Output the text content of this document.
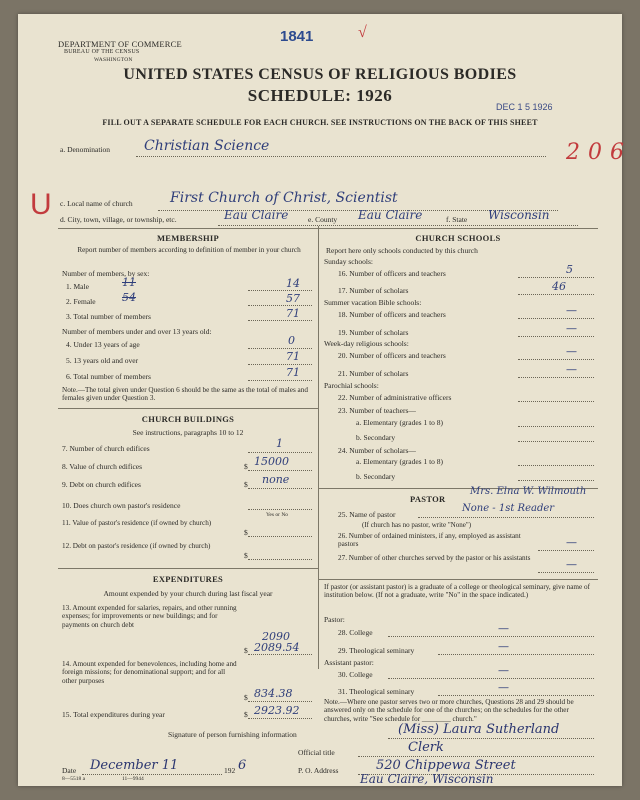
DEPARTMENT OF COMMERCE
BUREAU OF THE CENSUS
WASHINGTON
1841	√
UNITED STATES CENSUS OF RELIGIOUS BODIES
SCHEDULE: 1926
DEC 1 5 1926
FILL OUT A SEPARATE SCHEDULE FOR EACH CHURCH. SEE INSTRUCTIONS ON THE BACK OF THIS SHEET
a. Denomination Christian Science	206
U c. Local name of church	First Church of Christ, Scientist
d. City, town, village, or township, etc.	Eau Claire	e. County Eau Claire	f. State Wisconsin
MEMBERSHIP
Report number of members according to definition of member in your church
Number of members, by sex:
1. Male	11	14
2. Female 54	57
3. Total number of members	71
Number of members under and over 13 years old:
4. Under 13 years of age	0
5. 13 years old and over	71
6. Total number of members	71
Note.—The total given under Question 6 should be the same as the total of males and females given under Question 3.
CHURCH BUILDINGS
See instructions, paragraphs 10 to 12
7. Number of church edifices	1
8. Value of church edifices	$ 15000
9. Debt on church edifices	$ none
10. Does church own pastor's residence
Yes or No
11. Value of pastor's residence (if owned by church)
$
12. Debt on pastor's residence (if owned by church)
$
EXPENDITURES
Amount expended by your church during last fiscal year
13. Amount expended for salaries, repairs, and other running expenses; for improvements or new buildings; and for payments on church debt
2090
$ 2089.54
14. Amount expended for benevolences, including home and foreign missions; for denominational support; and for all other purposes
$ 834.38
15. Total expenditures during year	$ 2923.92
CHURCH SCHOOLS
Report here only schools conducted by this church
Sunday schools:
16. Number of officers and teachers	5
17. Number of scholars	46
Summer vacation Bible schools:
18. Number of officers and teachers	—
19. Number of scholars	—
Week-day religious schools:
20. Number of officers and teachers	—
21. Number of scholars	—
Parochial schools:
22. Number of administrative officers
23. Number of teachers—
a. Elementary (grades 1 to 8)
b. Secondary
24. Number of scholars—
a. Elementary (grades 1 to 8)
b. Secondary
PASTOR
Mrs. Elna W. Wilmouth
25. Name of pastor
None - 1st Reader
(If church has no pastor, write "None")
26. Number of ordained ministers, if any, employed as assistant pastors	—
27. Number of other churches served by the pastor or his assistants	—
If pastor (or assistant pastor) is a graduate of a college or theological seminary, give name of institution below. (If not a graduate, write "No" in the space indicated.)
Pastor:
28. College	—
29. Theological seminary	—
Assistant pastor:
30. College	—
31. Theological seminary	—
Note.—Where one pastor serves two or more churches, Questions 28 and 29 should be answered only on the schedule for one of the churches; on the schedules for the other churches, write "See schedule for ________ church."
Signature of person furnishing information	(Miss) Laura Sutherland
Official title	Clerk
Date December 11	192 6	P. O. Address	520 Chippewa Street
8—5518 a	11—9944	Eau Claire, Wisconsin
